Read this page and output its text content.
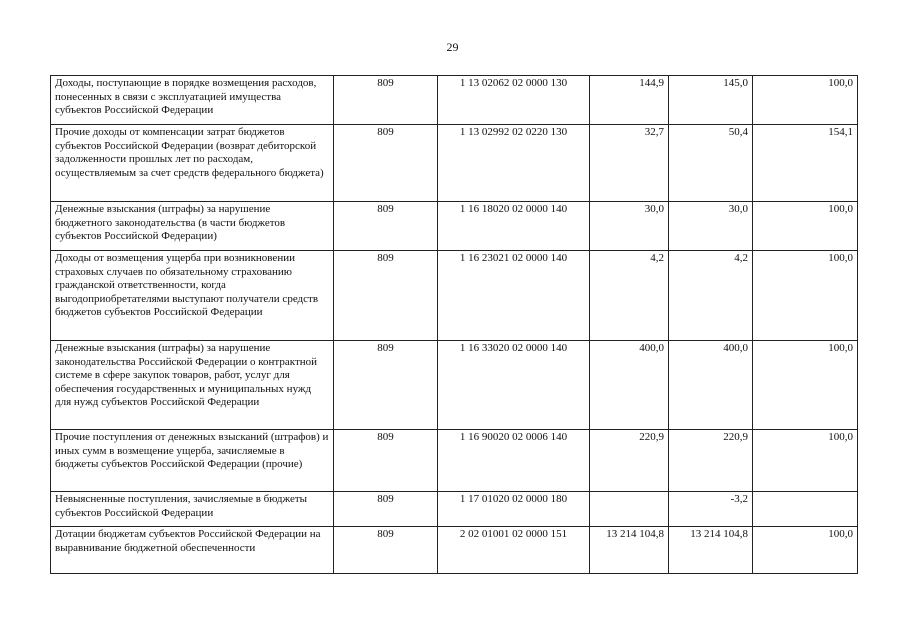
29
Доходы, поступающие в порядке возмещения расходов, понесенных в связи с эксплуатацией имущества субъектов Российской Федерации	809	1 13 02062 02 0000 130	144,9	145,0	100,0
Прочие доходы от компенсации затрат бюджетов субъектов Российской Федерации (возврат дебиторской задолженности прошлых лет по расходам, осуществляемым за счет средств федерального бюджета)	809	1 13 02992 02 0220 130	32,7	50,4	154,1
Денежные взыскания (штрафы) за нарушение бюджетного законодательства (в части бюджетов субъектов Российской Федерации)	809	1 16 18020 02 0000 140	30,0	30,0	100,0
Доходы от возмещения ущерба при возникновении страховых случаев по обязательному страхованию гражданской ответственности, когда выгодоприобретателями выступают получатели средств бюджетов субъектов Российской Федерации	809	1 16 23021 02 0000 140	4,2	4,2	100,0
Денежные взыскания (штрафы) за нарушение законодательства Российской Федерации о контрактной системе в сфере закупок товаров, работ, услуг для обеспечения государственных и муниципальных нужд для нужд субъектов Российской Федерации	809	1 16 33020 02 0000 140	400,0	400,0	100,0
Прочие поступления от денежных взысканий (штрафов) и иных сумм в возмещение ущерба, зачисляемые в бюджеты субъектов Российской Федерации (прочие)	809	1 16 90020 02 0006 140	220,9	220,9	100,0
Невыясненные поступления, зачисляемые в бюджеты субъектов Российской Федерации	809	1 17 01020 02 0000 180		-3,2	
Дотации бюджетам субъектов Российской Федерации на выравнивание бюджетной обеспеченности	809	2 02 01001 02 0000 151	13 214 104,8	13 214 104,8	100,0
